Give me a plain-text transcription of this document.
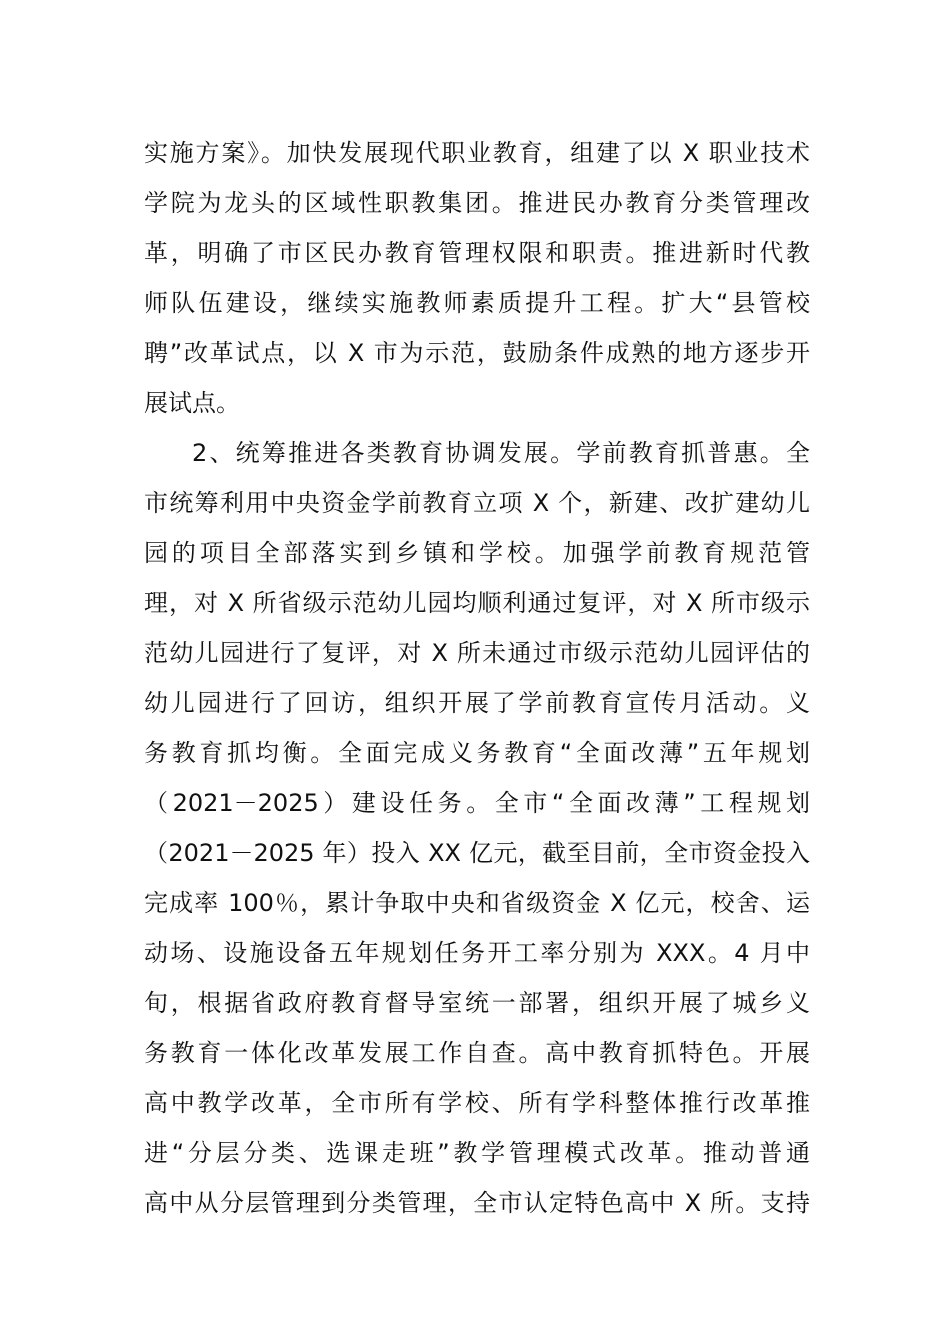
实施方案》。加快发展现代职业教育，组建了以 X 职业技术
学院为龙头的区域性职教集团。推进民办教育分类管理改
革，明确了市区民办教育管理权限和职责。推进新时代教
师队伍建设，继续实施教师素质提升工程。扩大“县管校
聘”改革试点，以 X 市为示范，鼓励条件成熟的地方逐步开
展试点。
2、统筹推进各类教育协调发展。学前教育抓普惠。全
市统筹利用中央资金学前教育立项 X 个，新建、改扩建幼儿
园的项目全部落实到乡镇和学校。加强学前教育规范管
理，对 X 所省级示范幼儿园均顺利通过复评，对 X 所市级示
范幼儿园进行了复评，对 X 所未通过市级示范幼儿园评估的
幼儿园进行了回访，组织开展了学前教育宣传月活动。义
务教育抓均衡。全面完成义务教育“全面改薄”五年规划
（2021－2025）建设任务。全市“全面改薄”工程规划
（2021－2025 年）投入 XX 亿元，截至目前，全市资金投入
完成率 100％，累计争取中央和省级资金 X 亿元，校舍、运
动场、设施设备五年规划任务开工率分别为 XXX。4 月中
旬，根据省政府教育督导室统一部署，组织开展了城乡义
务教育一体化改革发展工作自查。高中教育抓特色。开展
高中教学改革，全市所有学校、所有学科整体推行改革推
进“分层分类、选课走班”教学管理模式改革。推动普通
高中从分层管理到分类管理，全市认定特色高中 X 所。支持
